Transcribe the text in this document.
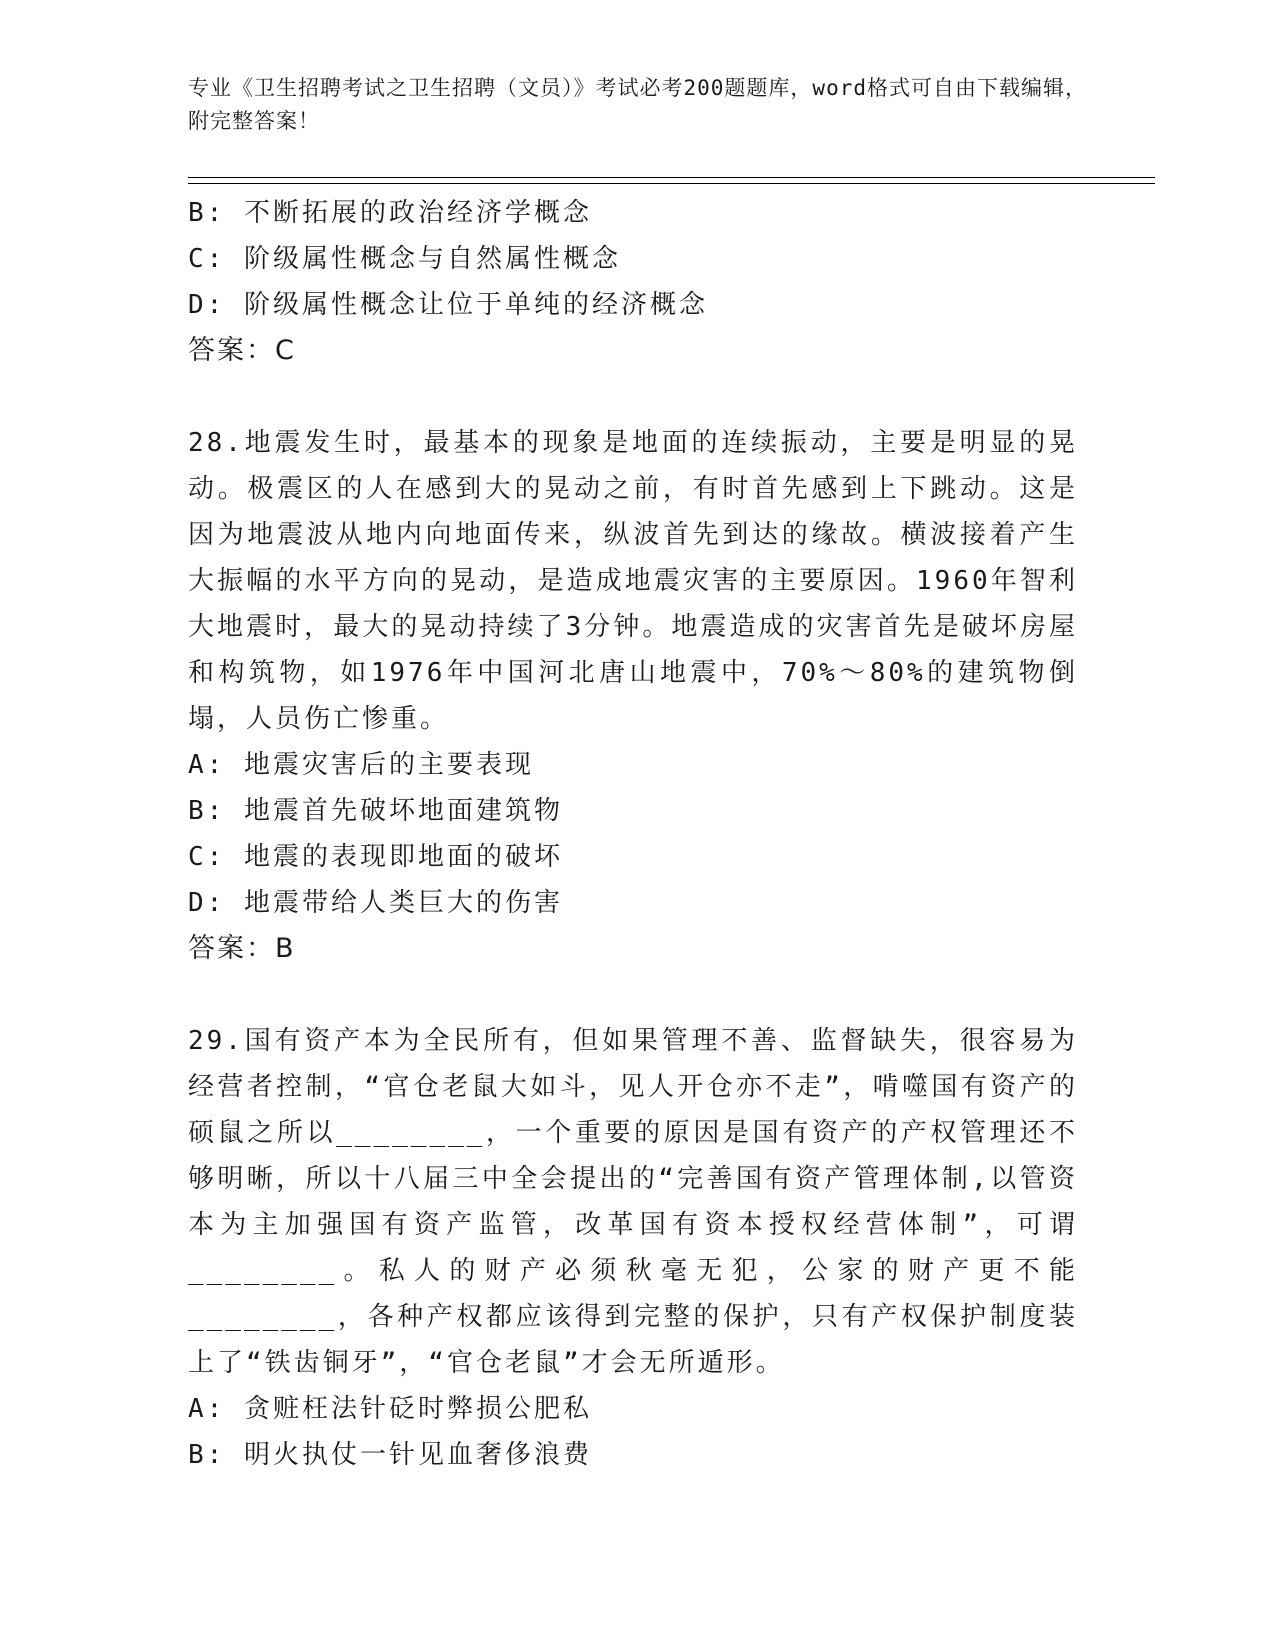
专业《卫生招聘考试之卫生招聘（文员）》考试必考200题题库，word格式可自由下载编辑，附完整答案！
B: 不断拓展的政治经济学概念
C: 阶级属性概念与自然属性概念
D: 阶级属性概念让位于单纯的经济概念
答案：C
28.地震发生时，最基本的现象是地面的连续振动，主要是明显的晃动。极震区的人在感到大的晃动之前，有时首先感到上下跳动。这是因为地震波从地内向地面传来，纵波首先到达的缘故。横波接着产生大振幅的水平方向的晃动，是造成地震灾害的主要原因。1960年智利大地震时，最大的晃动持续了3分钟。地震造成的灾害首先是破坏房屋和构筑物，如1976年中国河北唐山地震中，70%～80%的建筑物倒塌，人员伤亡惨重。
A: 地震灾害后的主要表现
B: 地震首先破坏地面建筑物
C: 地震的表现即地面的破坏
D: 地震带给人类巨大的伤害
答案：B
29.国有资产本为全民所有，但如果管理不善、监督缺失，很容易为经营者控制，“官仓老鼠大如斗，见人开仓亦不走”，啃噬国有资产的硕鼠之所以________，一个重要的原因是国有资产的产权管理还不够明晰，所以十八届三中全会提出的“完善国有资产管理体制,以管资本为主加强国有资产监管，改革国有资本授权经营体制”，可谓________。私人的财产必须秋毫无犯，公家的财产更不能________，各种产权都应该得到完整的保护，只有产权保护制度装上了“铁齿铜牙”，“官仓老鼠”才会无所遁形。
A: 贪赃枉法针砭时弊损公肥私
B: 明火执仗一针见血奢侈浪费
